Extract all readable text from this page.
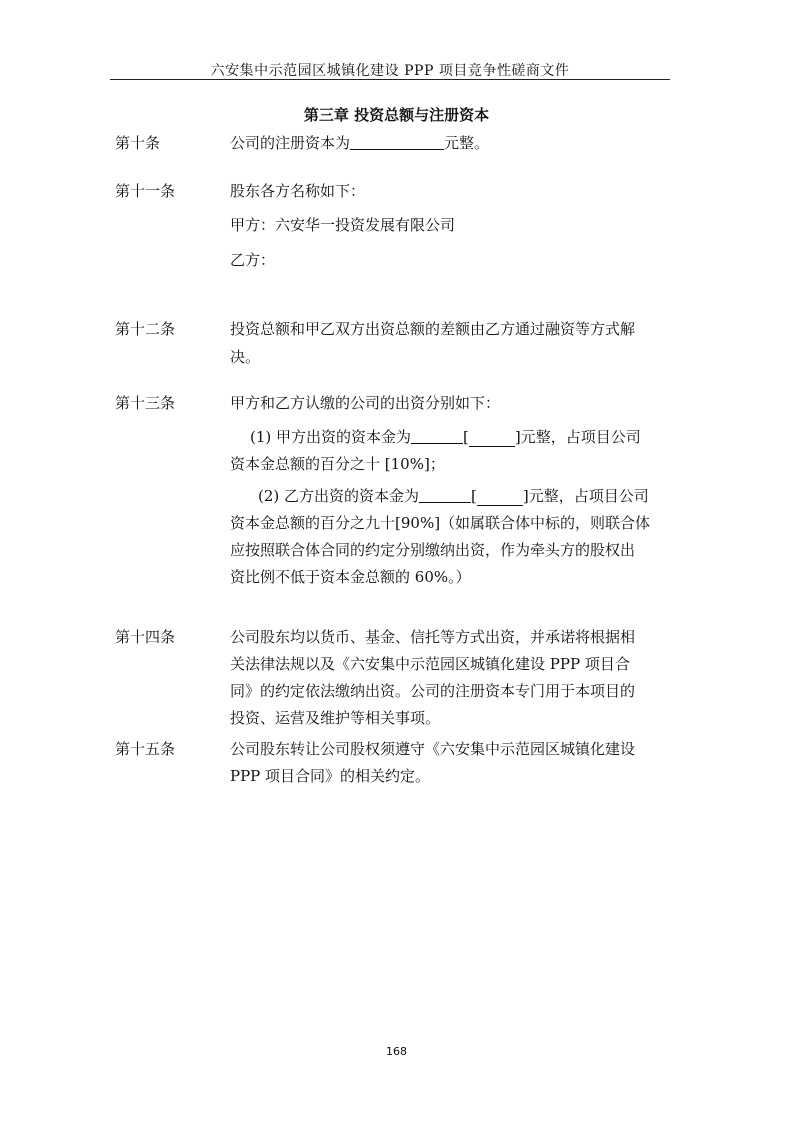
六安集中示范园区城镇化建设 PPP 项目竞争性磋商文件
第三章 投资总额与注册资本
第十条	公司的注册资本为	元整。
第十一条	股东各方名称如下：
甲方：六安华一投资发展有限公司
乙方：
第十二条	投资总额和甲乙双方出资总额的差额由乙方通过融资等方式解
决。
第十三条	甲方和乙方认缴的公司的出资分别如下：
(1) 甲方出资的资本金为	[	]元整，占项目公司
资本金总额的百分之十 [10%]；
(2) 乙方出资的资本金为	[	]元整，占项目公司
资本金总额的百分之九十[90%]（如属联合体中标的，则联合体
应按照联合体合同的约定分别缴纳出资，作为牵头方的股权出
资比例不低于资本金总额的 60%。）
第十四条	公司股东均以货币、基金、信托等方式出资，并承诺将根据相
关法律法规以及《六安集中示范园区城镇化建设 PPP 项目合
同》的约定依法缴纳出资。公司的注册资本专门用于本项目的
投资、运营及维护等相关事项。
第十五条	公司股东转让公司股权须遵守《六安集中示范园区城镇化建设
PPP 项目合同》的相关约定。
168
